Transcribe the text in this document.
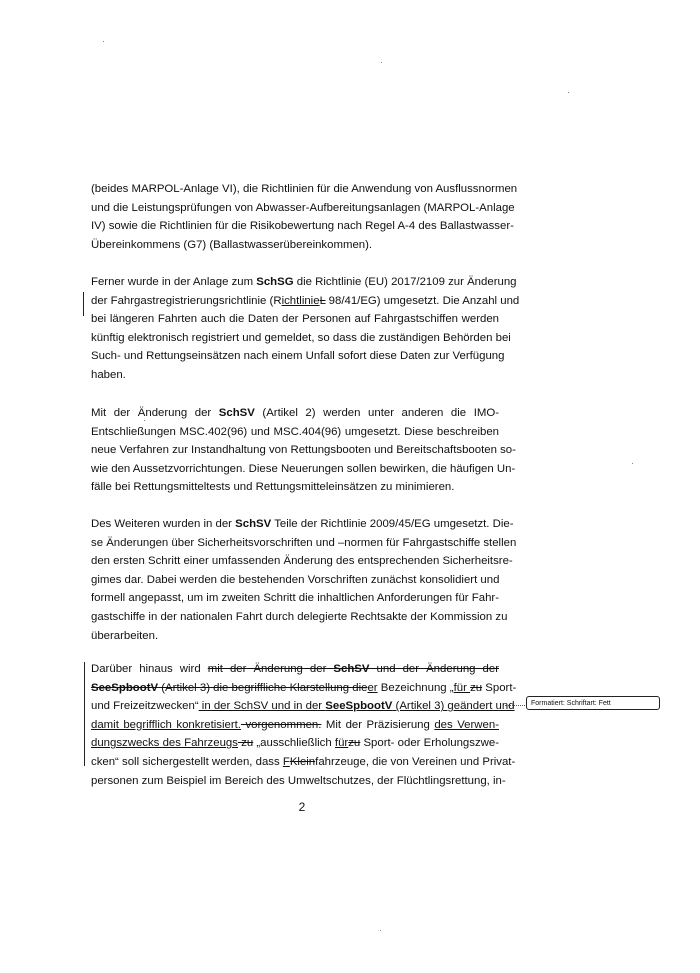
(beides MARPOL-Anlage VI), die Richtlinien für die Anwendung von Ausflussnormen
und die Leistungsprüfungen von Abwasser-Aufbereitungsanlagen (MARPOL-Anlage
IV) sowie die Richtlinien für die Risikobewertung nach Regel A-4 des Ballastwasser-
Übereinkommens (G7) (Ballastwasserübereinkommen).
Ferner wurde in der Anlage zum SchSG die Richtlinie (EU) 2017/2109 zur Änderung
der Fahrgastregistrierungsrichtlinie (RichtlinieL 98/41/EG) umgesetzt. Die Anzahl und
bei längeren Fahrten auch die Daten der Personen auf Fahrgastschiffen werden
künftig elektronisch registriert und gemeldet, so dass die zuständigen Behörden bei
Such- und Rettungseinsätzen nach einem Unfall sofort diese Daten zur Verfügung
haben.
Mit der Änderung der SchSV (Artikel 2) werden unter anderen die IMO-
Entschließungen MSC.402(96) und MSC.404(96) umgesetzt. Diese beschreiben
neue Verfahren zur Instandhaltung von Rettungsbooten und Bereitschaftsbooten so-
wie den Aussetzvorrichtungen. Diese Neuerungen sollen bewirken, die häufigen Un-
fälle bei Rettungsmitteltests und Rettungsmitteleinsätzen zu minimieren.
Des Weiteren wurden in der SchSV Teile der Richtlinie 2009/45/EG umgesetzt. Die-
se Änderungen über Sicherheitsvorschriften und –normen für Fahrgastschiffe stellen
den ersten Schritt einer umfassenden Änderung des entsprechenden Sicherheitsre-
gimes dar. Dabei werden die bestehenden Vorschriften zunächst konsolidiert und
formell angepasst, um im zweiten Schritt die inhaltlichen Anforderungen für Fahr-
gastschiffe in der nationalen Fahrt durch delegierte Rechtsakte der Kommission zu
überarbeiten.
Darüber hinaus wird mit der Änderung der SchSV und der Änderung der
SeeSpbootV (Artikel 3) die begriffliche Klarstellung dieer Bezeichnung „für zu Sport-
und Freizeitzwecken“ in der SchSV und in der SeeSpbootV (Artikel 3) geändert und
damit begrifflich konkretisiert. vorgenommen. Mit der Präzisierung des Verwen-
dungszwecks des Fahrzeugs zu „ausschließlich fürzu Sport- oder Erholungszwe-
cken“ soll sichergestellt werden, dass FKleinfahrzeuge, die von Vereinen und Privat-
personen zum Beispiel im Bereich des Umweltschutzes, der Flüchtlingsrettung, in-
Formatiert: Schriftart: Fett
2
